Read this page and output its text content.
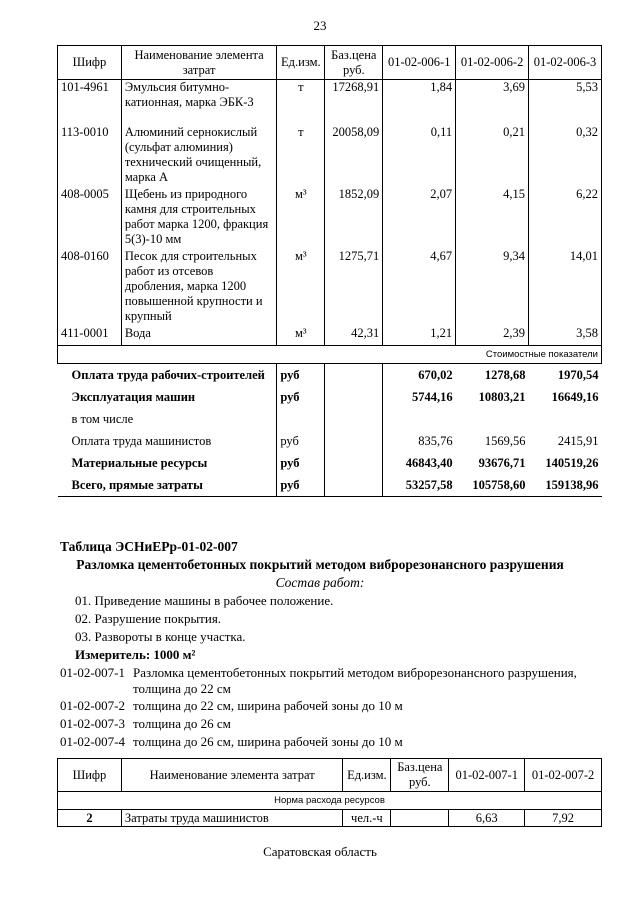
23
Шифр	Наименование элемента затрат	Ед.изм.	Баз.цена руб.	01-02-006-1	01-02-006-2	01-02-006-3
101-4961	Эмульсия битумно-катионная, марка ЭБК-3	т	17268,91	1,84	3,69	5,53
113-0010	Алюминий сернокислый (сульфат алюминия) технический очищенный, марка А	т	20058,09	0,11	0,21	0,32
408-0005	Щебень из природного камня для строительных работ марка 1200, фракция 5(3)-10 мм	м³	1852,09	2,07	4,15	6,22
408-0160	Песок для строительных работ из отсевов дробления, марка 1200 повышенной крупности и крупный	м³	1275,71	4,67	9,34	14,01
411-0001	Вода	м³	42,31	1,21	2,39	3,58
Стоимостные показатели						
Оплата труда рабочих-строителей		руб		670,02	1278,68	1970,54
Эксплуатация машин		руб		5744,16	10803,21	16649,16
в том числе						
Оплата труда машинистов		руб		835,76	1569,56	2415,91
Материальные ресурсы		руб		46843,40	93676,71	140519,26
Всего, прямые затраты		руб		53257,58	105758,60	159138,96
Таблица ЭСНиЕРр-01-02-007
Разломка цементобетонных покрытий методом виброрезонансного разрушения
Состав работ:
01. Приведение машины в рабочее положение.
02. Разрушение покрытия.
03. Развороты в конце участка.
Измеритель: 1000 м²
01-02-007-1 Разломка цементобетонных покрытий методом виброрезонансного разрушения,
толщина до 22 см
01-02-007-2 толщина до 22 см, ширина рабочей зоны до 10 м
01-02-007-3 толщина до 26 см
01-02-007-4 толщина до 26 см, ширина рабочей зоны до 10 м
Шифр	Наименование элемента затрат	Ед.изм.	Баз.цена руб.	01-02-007-1	01-02-007-2
Норма расхода ресурсов					
2	Затраты труда машинистов	чел.-ч		6,63	7,92
Саратовская область
